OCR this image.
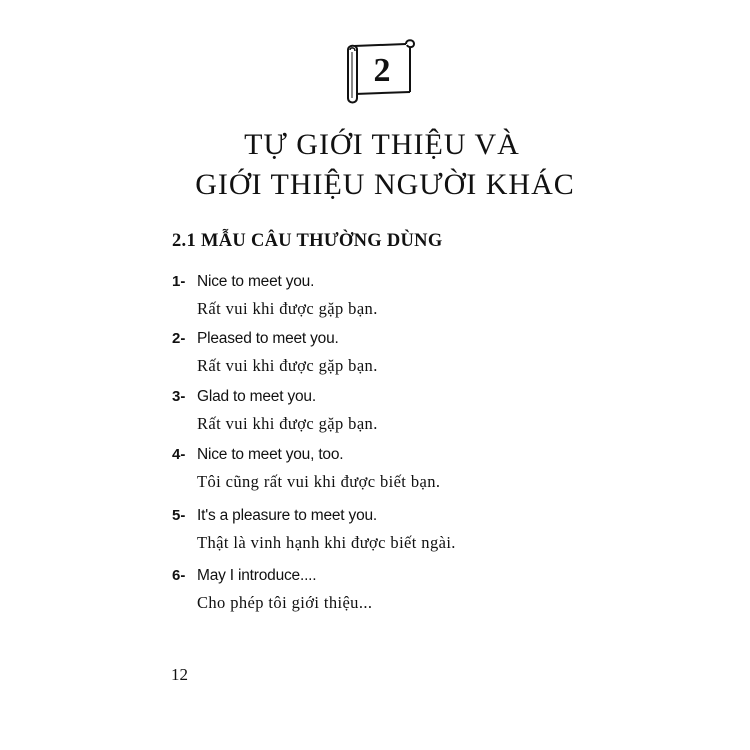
2
TỰ GIỚI THIỆU VÀ
GIỚI THIỆU NGƯỜI KHÁC
2.1 MẪU CÂU THƯỜNG DÙNG
1- Nice to meet you.
Rất vui khi được gặp bạn.
2- Pleased to meet you.
Rất vui khi được gặp bạn.
3- Glad to meet you.
Rất vui khi được gặp bạn.
4- Nice to meet you, too.
Tôi cũng rất vui khi được biết bạn.
5- It's a pleasure to meet you.
Thật là vinh hạnh khi được biết ngài.
6- May I introduce....
Cho phép tôi giới thiệu...
12
